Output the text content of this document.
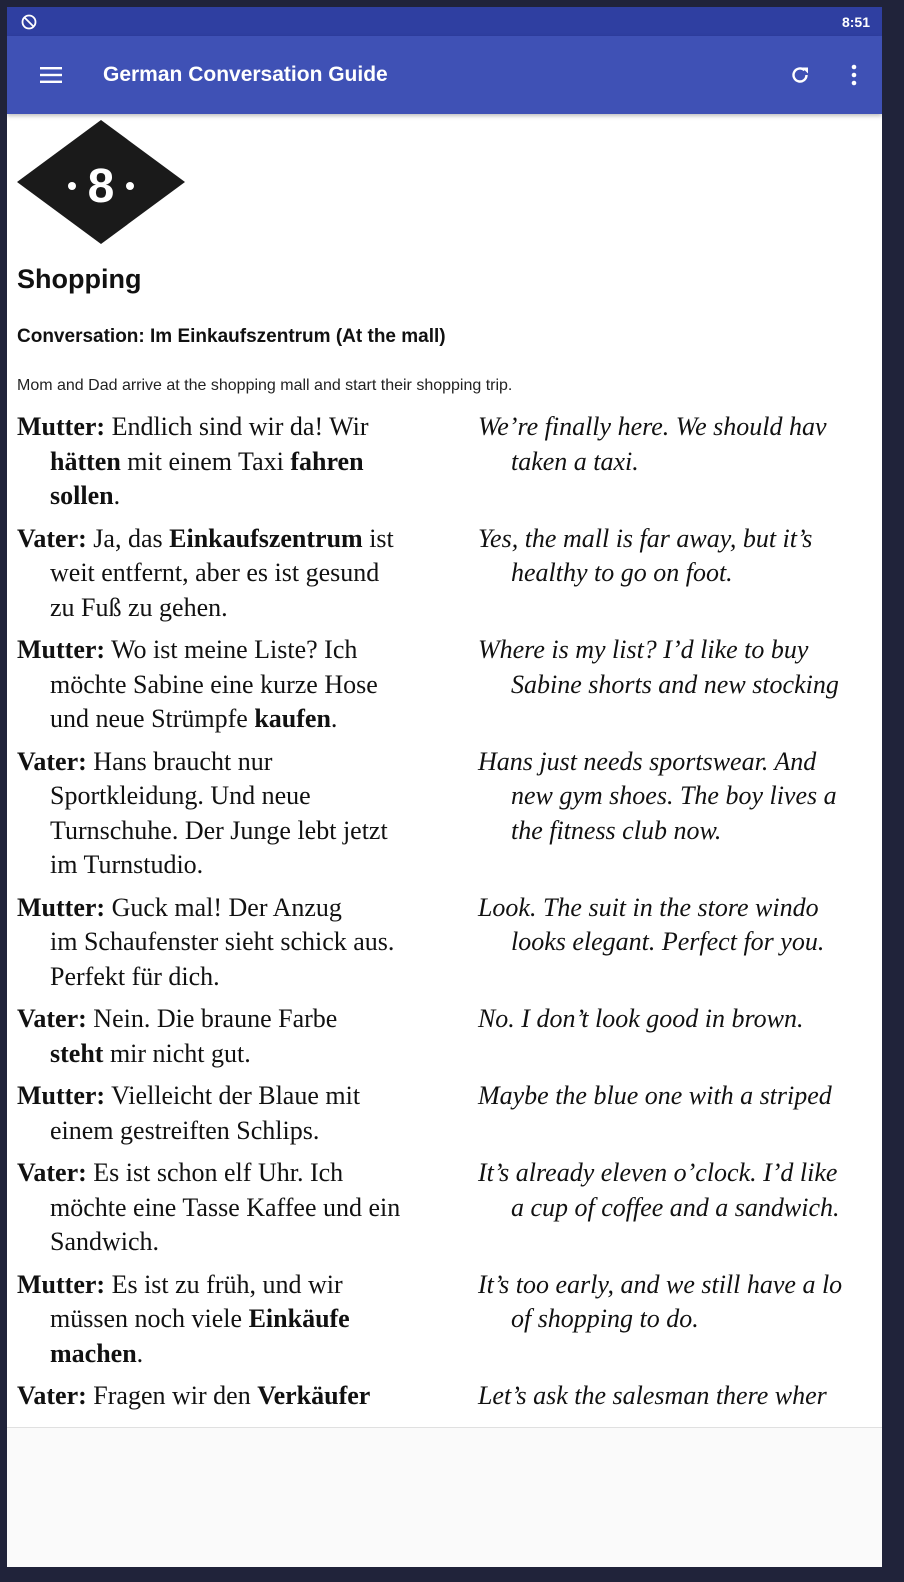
8:51
German Conversation Guide
8
Shopping
Conversation: Im Einkaufszentrum (At the mall)

Mom and Dad arrive at the shopping mall and start their shopping trip.

Mutter: Endlich sind wir da! Wir
hätten mit einem Taxi fahren
sollen.
We’re finally here. We should hav
taken a taxi.
Vater: Ja, das Einkaufszentrum ist
weit entfernt, aber es ist gesund
zu Fuß zu gehen.
Yes, the mall is far away, but it’s
healthy to go on foot.
Mutter: Wo ist meine Liste? Ich
möchte Sabine eine kurze Hose
und neue Strümpfe kaufen.
Where is my list? I’d like to buy
Sabine shorts and new stocking
Vater: Hans braucht nur
Sportkleidung. Und neue
Turnschuhe. Der Junge lebt jetzt
im Turnstudio.
Hans just needs sportswear. And
new gym shoes. The boy lives a
the fitness club now.
Mutter: Guck mal! Der Anzug
im Schaufenster sieht schick aus.
Perfekt für dich.
Look. The suit in the store windo
looks elegant. Perfect for you.
Vater: Nein. Die braune Farbe
steht mir nicht gut.
No. I don’t look good in brown.
Mutter: Vielleicht der Blaue mit
einem gestreiften Schlips.
Maybe the blue one with a striped
Vater: Es ist schon elf Uhr. Ich
möchte eine Tasse Kaffee und ein
Sandwich.
It’s already eleven o’clock. I’d like
a cup of coffee and a sandwich.
Mutter: Es ist zu früh, und wir
müssen noch viele Einkäufe
machen.
It’s too early, and we still have a lo
of shopping to do.
Vater: Fragen wir den Verkäufer	Let’s ask the salesman there wher
